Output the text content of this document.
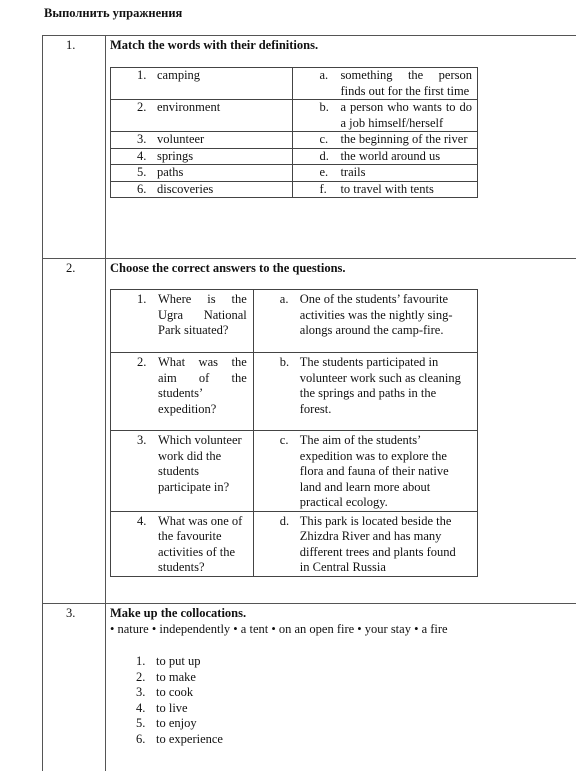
Выполнить упражнения
1.	Match the words with their definitions.
1. camping	a. something the person finds out for the first time

2. environment	b. a person who wants to do a job himself/herself

3. volunteer	c. the beginning of the river

4. springs	d. the world around us

5. paths	e. trails

6. discoveries	f. to travel with tents
2.	Choose the correct answers to the questions.
1. Where is the Ugra National Park situated?	a. One of the students’ favourite activities was the nightly sing-alongs around the camp-fire.

2. What was the aim of the students’ expedition?	b. The students participated in volunteer work such as cleaning the springs and paths in the forest.

3. Which volunteer work did the students participate in?	c. The aim of the students’ expedition was to explore the flora and fauna of their native land and learn more about practical ecology.

4. What was one of the favourite activities of the students?	d. This park is located beside the Zhizdra River and has many different trees and plants found in Central Russia
3.	Make up the collocations.
• nature • independently • a tent • on an open fire • your stay • a fire
1. to put up
2. to make
3. to cook
4. to live
5. to enjoy
6. to experience
